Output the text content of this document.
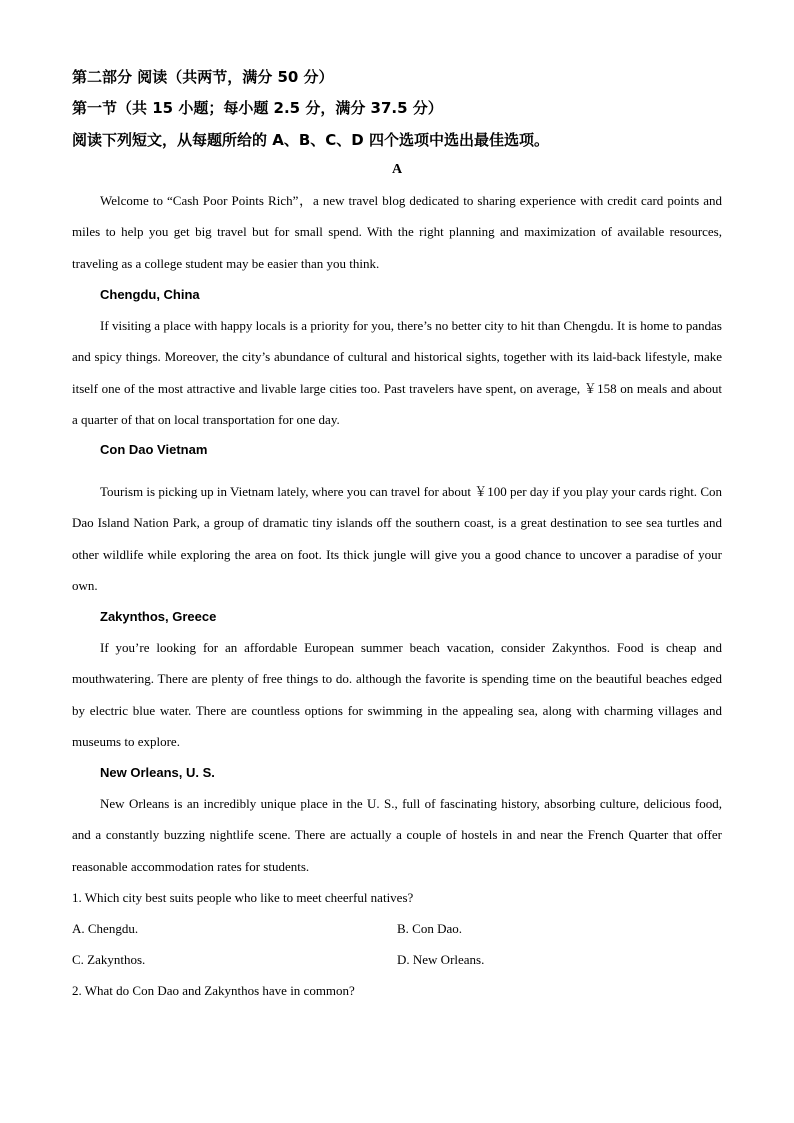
第二部分 阅读（共两节，满分 50 分）
第一节（共 15 小题；每小题 2.5 分，满分 37.5 分）
阅读下列短文，从每题所给的 A、B、C、D 四个选项中选出最佳选项。
A
Welcome to “Cash Poor Points Rich”，a new travel blog dedicated to sharing experience with credit card points and miles to help you get big travel but for small spend. With the right planning and maximization of available resources, traveling as a college student may be easier than you think.
Chengdu, China
If visiting a place with happy locals is a priority for you, there’s no better city to hit than Chengdu. It is home to pandas and spicy things. Moreover, the city’s abundance of cultural and historical sights, together with its laid-back lifestyle, make itself one of the most attractive and livable large cities too. Past travelers have spent, on average, ￥158 on meals and about a quarter of that on local transportation for one day.
Con Dao Vietnam
Tourism is picking up in Vietnam lately, where you can travel for about ￥100 per day if you play your cards right. Con Dao Island Nation Park, a group of dramatic tiny islands off the southern coast, is a great destination to see sea turtles and other wildlife while exploring the area on foot. Its thick jungle will give you a good chance to uncover a paradise of your own.
Zakynthos, Greece
If you’re looking for an affordable European summer beach vacation, consider Zakynthos. Food is cheap and mouthwatering. There are plenty of free things to do. although the favorite is spending time on the beautiful beaches edged by electric blue water. There are countless options for swimming in the appealing sea, along with charming villages and museums to explore.
New Orleans, U. S.
New Orleans is an incredibly unique place in the U. S., full of fascinating history, absorbing culture, delicious food, and a constantly buzzing nightlife scene. There are actually a couple of hostels in and near the French Quarter that offer reasonable accommodation rates for students.
1. Which city best suits people who like to meet cheerful natives?
A. Chengdu.	B. Con Dao.
C. Zakynthos.	D. New Orleans.
2. What do Con Dao and Zakynthos have in common?
